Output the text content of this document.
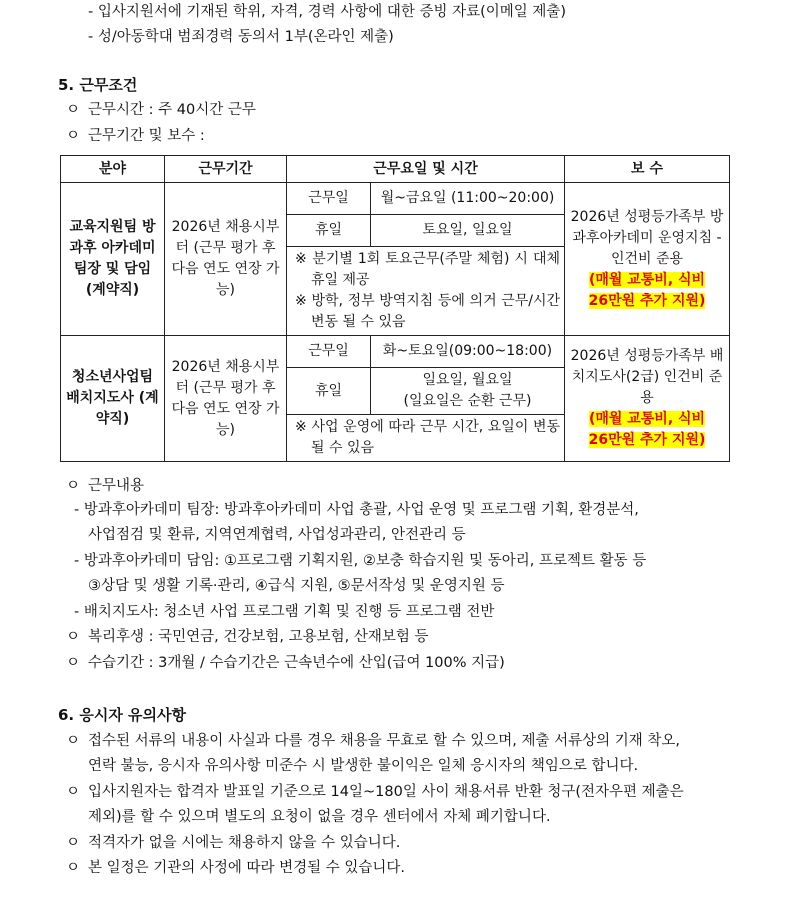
- 입사지원서에 기재된 학위, 자격, 경력 사항에 대한 증빙 자료(이메일 제출)
- 성/아동학대 범죄경력 동의서 1부(온라인 제출)
5. 근무조건
ㅇ 근무시간 : 주 40시간 근무
ㅇ 근무기간 및 보수 :
분야	근무기간	근무요일 및 시간		보 수
교육지원팀 방과후 아카데미 팀장 및 담임 (계약직)	2026년 채용시부터 (근무 평가 후 다음 연도 연장 가능)	근무일	월~금요일 (11:00~20:00)	2026년 성평등가족부 방과후아카데미 운영지침 - 인건비 준용
(매월 교통비, 식비
26만원 추가 지원)
		휴일	토요일, 일요일	

		※ 분기별 1회 토요근무(주말 체험) 시 대체 휴일 제공
※ 방학, 정부 방역지침 등에 의거 근무/시간변동 될 수 있음		

청소년사업팀 배치지도사 (계약직)	2026년 채용시부터 (근무 평가 후 다음 연도 연장 가능)	근무일	화~토요일(09:00~18:00)	2026년 성평등가족부 배치지도사(2급) 인건비 준용
(매월 교통비, 식비
26만원 추가 지원)
		휴일	일요일, 월요일
(일요일은 순환 근무)	

		※ 사업 운영에 따라 근무 시간, 요일이 변동될 수 있음		
ㅇ 근무내용
- 방과후아카데미 팀장: 방과후아카데미 사업 총괄, 사업 운영 및 프로그램 기획, 환경분석,
사업점검 및 환류, 지역연계협력, 사업성과관리, 안전관리 등
- 방과후아카데미 담임: ①프로그램 기획지원, ②보충 학습지원 및 동아리, 프로젝트 활동 등
③상담 및 생활 기록·관리, ④급식 지원, ⑤문서작성 및 운영지원 등
- 배치지도사: 청소년 사업 프로그램 기획 및 진행 등 프로그램 전반
ㅇ 복리후생 : 국민연금, 건강보험, 고용보험, 산재보험 등
ㅇ 수습기간 : 3개월 / 수습기간은 근속년수에 산입(급여 100% 지급)
6. 응시자 유의사항
ㅇ 접수된 서류의 내용이 사실과 다를 경우 채용을 무효로 할 수 있으며, 제출 서류상의 기재 착오,
연락 불능, 응시자 유의사항 미준수 시 발생한 불이익은 일체 응시자의 책임으로 합니다.
ㅇ 입사지원자는 합격자 발표일 기준으로 14일~180일 사이 채용서류 반환 청구(전자우편 제출은
제외)를 할 수 있으며 별도의 요청이 없을 경우 센터에서 자체 폐기합니다.
ㅇ 적격자가 없을 시에는 채용하지 않을 수 있습니다.
ㅇ 본 일정은 기관의 사정에 따라 변경될 수 있습니다.
